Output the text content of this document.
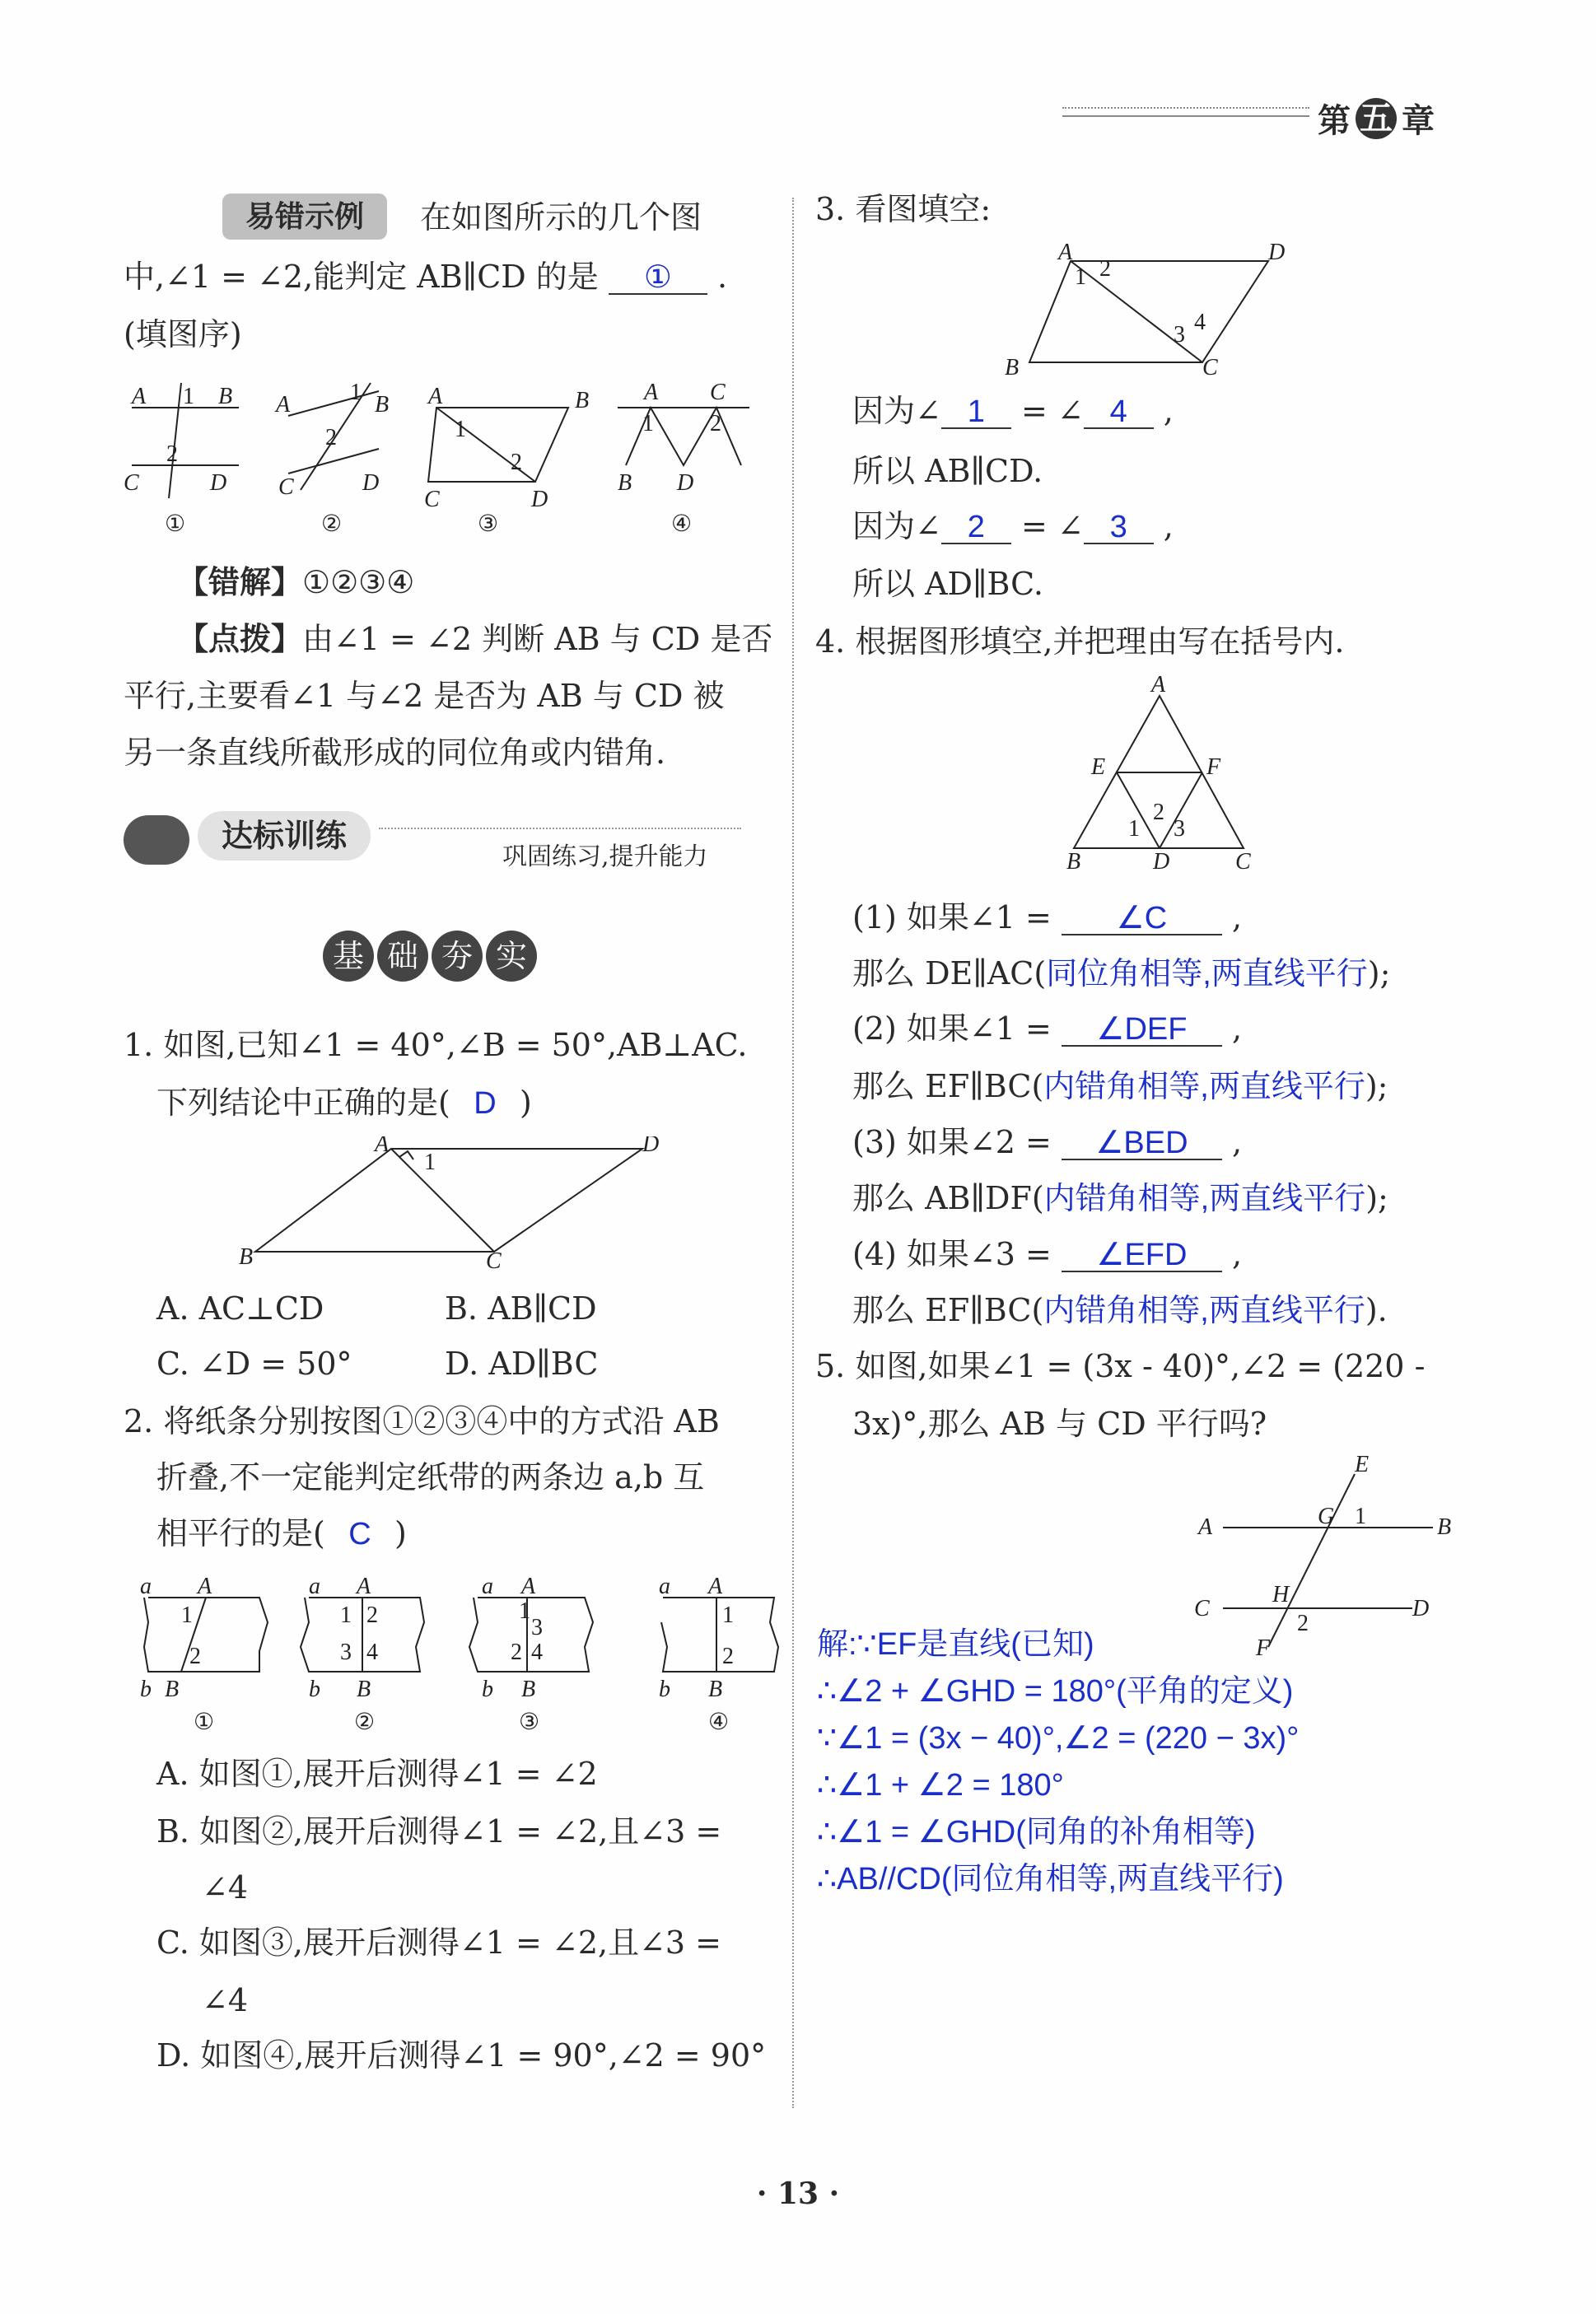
第 五 章
易错示例	在如图所示的几个图
中,∠1 = ∠2,能判定 AB∥CD 的是 ① .
(填图序)
A	B
1
2
C	D
①
A	B
1
2
C	D
②
A	B
1
2
C	D
③
A C
1 2
B D
④
【错解】①②③④
【点拨】由∠1 = ∠2 判断 AB 与 CD 是否
平行,主要看∠1 与∠2 是否为 AB 与 CD 被
另一条直线所截形成的同位角或内错角.
达标训练
巩固练习,提升能力
基 础 夯 实
1. 如图,已知∠1 = 40°,∠B = 50°,AB⊥AC.
下列结论中正确的是( D )
A	D
1
B	C
A. AC⊥CD	B. AB∥CD
C. ∠D = 50°	D. AD∥BC
2. 将纸条分别按图①②③④中的方式沿 AB
折叠,不一定能判定纸带的两条边 a,b 互
相平行的是( C )
a A
1
2
b B
①
a A
1 2
3 4
b B
②
a A
1
3
2 4
b B
③
a A
1
2
b B
④
A. 如图①,展开后测得∠1 = ∠2
B. 如图②,展开后测得∠1 = ∠2,且∠3 =
∠4
C. 如图③,展开后测得∠1 = ∠2,且∠3 =
∠4
D. 如图④,展开后测得∠1 = 90°,∠2 = 90°
3. 看图填空:
A	D
1 2
3 4
B	C
因为∠ 1 = ∠ 4 ,
所以 AB∥CD.
因为∠ 2 = ∠ 3 ,
所以 AD∥BC.
4. 根据图形填空,并把理由写在括号内.
A
E	F
1
2
3
B	D	C
(1) 如果∠1 = ∠C ,
那么 DE∥AC(同位角相等,两直线平行);
(2) 如果∠1 = ∠DEF ,
那么 EF∥BC(内错角相等,两直线平行);
(3) 如果∠2 = ∠BED ,
那么 AB∥DF(内错角相等,两直线平行);
(4) 如果∠3 = ∠EFD ,
那么 EF∥BC(内错角相等,两直线平行).
5. 如图,如果∠1 = (3x - 40)°,∠2 = (220 -
3x)°,那么 AB 与 CD 平行吗?
E
A	B
G 1
C	D
H
2
F
解:∵EF是直线(已知)
∴∠2 + ∠GHD = 180°(平角的定义)
∵∠1 = (3x − 40)°,∠2 = (220 − 3x)°
∴∠1 + ∠2 = 180°
∴∠1 = ∠GHD(同角的补角相等)
∴AB//CD(同位角相等,两直线平行)
· 13 ·
